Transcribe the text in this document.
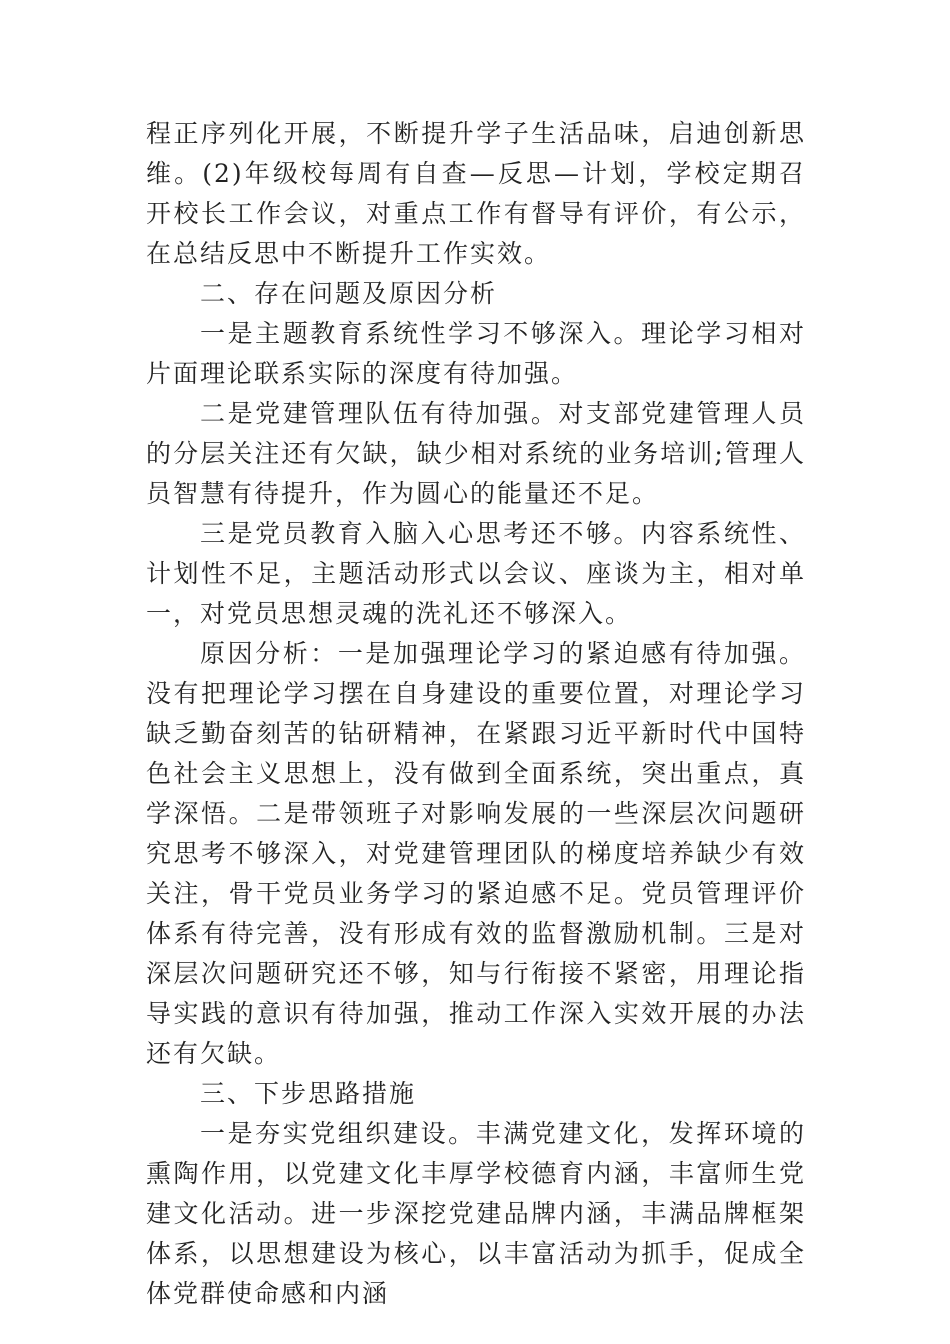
程正序列化开展，不断提升学子生活品味，启迪创新思维。(2)年级校每周有自查—反思—计划，学校定期召开校长工作会议，对重点工作有督导有评价，有公示，在总结反思中不断提升工作实效。

二、存在问题及原因分析

一是主题教育系统性学习不够深入。理论学习相对片面理论联系实际的深度有待加强。

二是党建管理队伍有待加强。对支部党建管理人员的分层关注还有欠缺，缺少相对系统的业务培训;管理人员智慧有待提升，作为圆心的能量还不足。

三是党员教育入脑入心思考还不够。内容系统性、计划性不足，主题活动形式以会议、座谈为主，相对单一，对党员思想灵魂的洗礼还不够深入。

原因分析：一是加强理论学习的紧迫感有待加强。没有把理论学习摆在自身建设的重要位置，对理论学习缺乏勤奋刻苦的钻研精神，在紧跟习近平新时代中国特色社会主义思想上，没有做到全面系统，突出重点，真学深悟。二是带领班子对影响发展的一些深层次问题研究思考不够深入，对党建管理团队的梯度培养缺少有效关注，骨干党员业务学习的紧迫感不足。党员管理评价体系有待完善，没有形成有效的监督激励机制。三是对深层次问题研究还不够，知与行衔接不紧密，用理论指导实践的意识有待加强，推动工作深入实效开展的办法还有欠缺。

三、下步思路措施

一是夯实党组织建设。丰满党建文化，发挥环境的熏陶作用，以党建文化丰厚学校德育内涵，丰富师生党建文化活动。进一步深挖党建品牌内涵，丰满品牌框架体系，以思想建设为核心，以丰富活动为抓手，促成全体党群使命感和内涵
